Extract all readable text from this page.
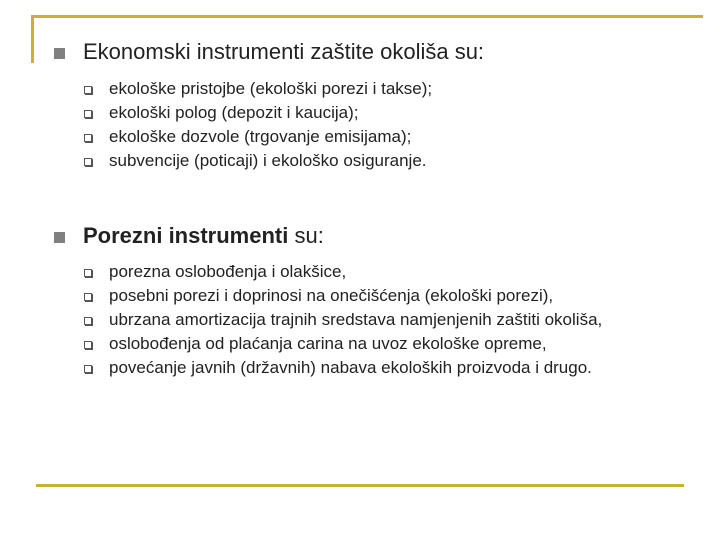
Ekonomski instrumenti zaštite okoliša su:
ekološke pristojbe (ekološki porezi i takse);
ekološki polog (depozit i kaucija);
ekološke dozvole (trgovanje emisijama);
subvencije (poticaji) i ekološko osiguranje.
Porezni instrumenti su:
porezna oslobođenja i olakšice,
posebni porezi i doprinosi na onečišćenja (ekološki porezi),
ubrzana amortizacija trajnih sredstava namjenjenih zaštiti okoliša,
oslobođenja od plaćanja carina na uvoz ekološke opreme,
povećanje javnih (državnih) nabava ekoloških proizvoda i drugo.
